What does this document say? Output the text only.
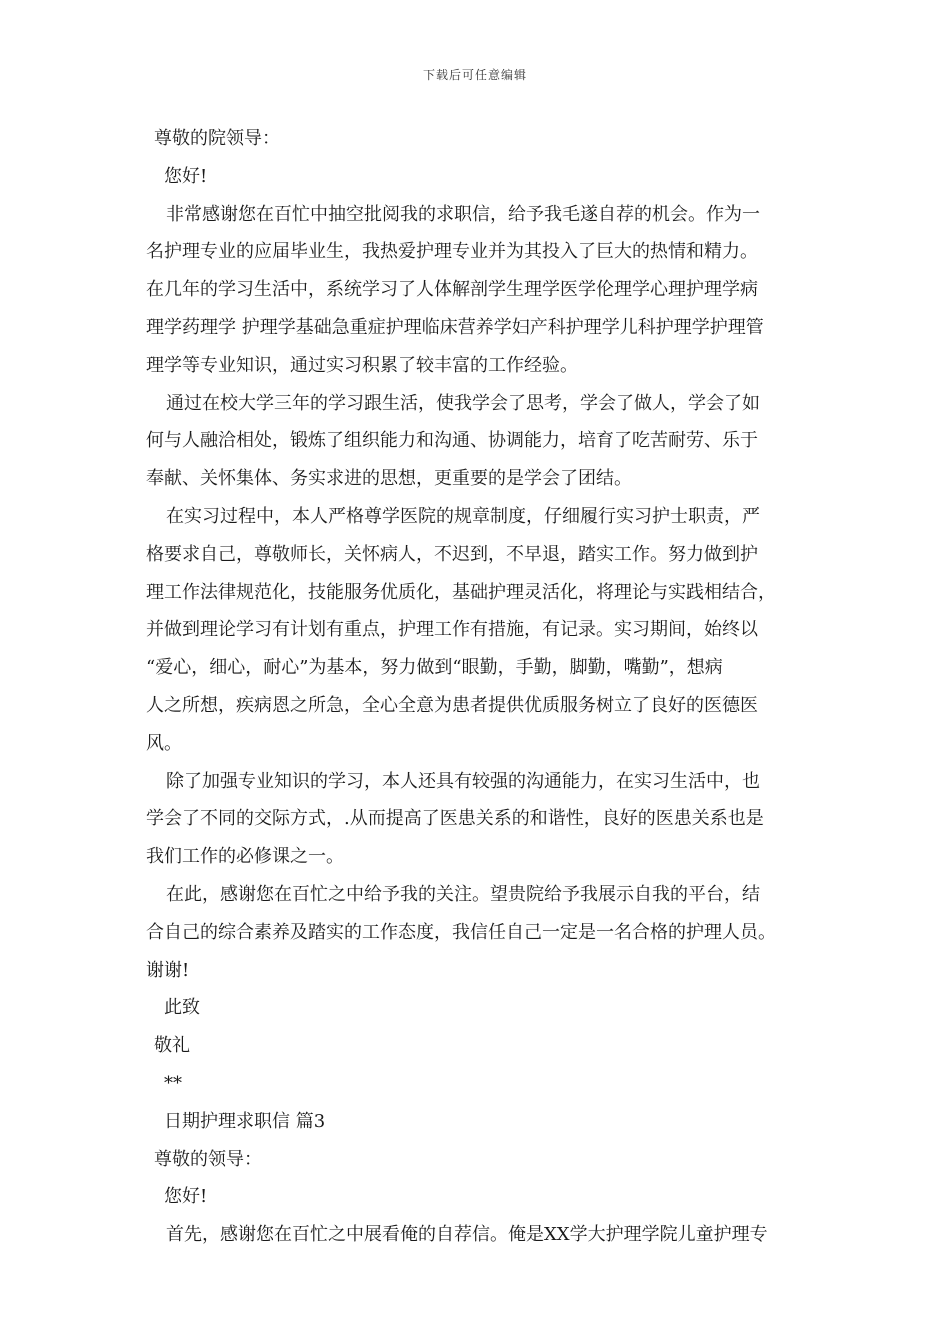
下载后可任意编辑
尊敬的院领导：
您好!
非常感谢您在百忙中抽空批阅我的求职信，给予我毛遂自荐的机会。作为一
名护理专业的应届毕业生，我热爱护理专业并为其投入了巨大的热情和精力。
在几年的学习生活中，系统学习了人体解剖学生理学医学伦理学心理护理学病
理学药理学 护理学基础急重症护理临床营养学妇产科护理学儿科护理学护理管
理学等专业知识，通过实习积累了较丰富的工作经验。
通过在校大学三年的学习跟生活，使我学会了思考，学会了做人，学会了如
何与人融洽相处，锻炼了组织能力和沟通、协调能力，培育了吃苦耐劳、乐于
奉献、关怀集体、务实求进的思想，更重要的是学会了团结。
在实习过程中，本人严格尊学医院的规章制度，仔细履行实习护士职责，严
格要求自己，尊敬师长，关怀病人，不迟到，不早退，踏实工作。努力做到护
理工作法律规范化，技能服务优质化，基础护理灵活化，将理论与实践相结合，
并做到理论学习有计划有重点，护理工作有措施，有记录。实习期间，始终以
“爱心，细心，耐心”为基本，努力做到“眼勤，手勤，脚勤，嘴勤”，想病
人之所想，疾病恩之所急，全心全意为患者提供优质服务树立了良好的医德医
风。
除了加强专业知识的学习，本人还具有较强的沟通能力，在实习生活中，也
学会了不同的交际方式，.从而提高了医患关系的和谐性，良好的医患关系也是
我们工作的必修课之一。
在此，感谢您在百忙之中给予我的关注。望贵院给予我展示自我的平台，结
合自己的综合素养及踏实的工作态度，我信任自己一定是一名合格的护理人员。
谢谢!
此致
敬礼
**
日期护理求职信 篇3
尊敬的领导：
您好!
首先，感谢您在百忙之中展看俺的自荐信。俺是XX学大护理学院儿童护理专
